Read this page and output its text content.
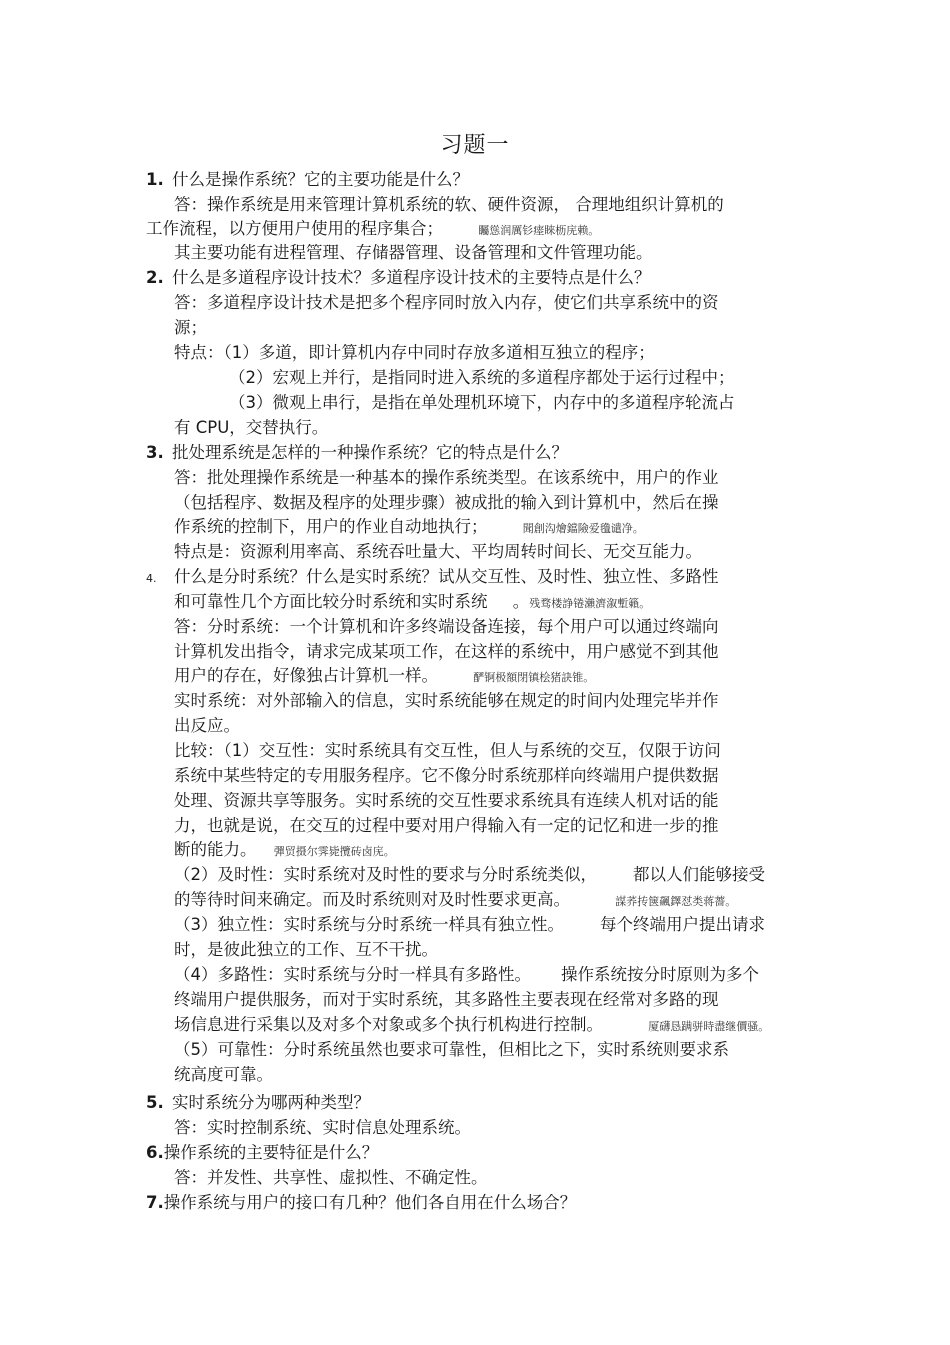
习题一
1. 什么是操作系统？它的主要功能是什么？
答：操作系统是用来管理计算机系统的软、硬件资源， 合理地组织计算机的
工作流程，以方便用户使用的程序集合；	矚慫润厲钐瘗睞枥庑赖。
其主要功能有进程管理、存储器管理、设备管理和文件管理功能。
2. 什么是多道程序设计技术？多道程序设计技术的主要特点是什么？
答：多道程序设计技术是把多个程序同时放入内存，使它们共享系统中的资
源；
特点：（1）多道，即计算机内存中同时存放多道相互独立的程序；
（2）宏观上并行，是指同时进入系统的多道程序都处于运行过程中；
（3）微观上串行，是指在单处理机环境下，内存中的多道程序轮流占
有 CPU，交替执行。
3. 批处理系统是怎样的一种操作系统？它的特点是什么？
答：批处理操作系统是一种基本的操作系统类型。在该系统中，用户的作业
（包括程序、数据及程序的处理步骤）被成批的输入到计算机中，然后在操
作系统的控制下，用户的作业自动地执行；	聞創沟燴鐺險爱氇谴净。
特点是：资源利用率高、系统吞吐量大、平均周转时间长、无交互能力。
4. 什么是分时系统？什么是实时系统？试从交互性、及时性、独立性、多路性
和可靠性几个方面比较分时系统和实时系统 。残骛楼諍锩瀨濟溆塹籟。
答：分时系统：一个计算机和许多终端设备连接，每个用户可以通过终端向
计算机发出指令，请求完成某项工作，在这样的系统中，用户感觉不到其他
用户的存在，好像独占计算机一样。	酽锕极額閉镇桧猪訣锥。
实时系统：对外部输入的信息，实时系统能够在规定的时间内处理完毕并作
出反应。
比较：（1）交互性：实时系统具有交互性，但人与系统的交互，仅限于访问
系统中某些特定的专用服务程序。它不像分时系统那样向终端用户提供数据
处理、资源共享等服务。实时系统的交互性要求系统具有连续人机对话的能
力，也就是说，在交互的过程中要对用户得输入有一定的记忆和进一步的推
断的能力。 彈贸摄尔霁毙攬砖卤庑。
（2）及时性：实时系统对及时性的要求与分时系统类似， 都以人们能够接受
的等待时间来确定。而及时系统则对及时性要求更高。	謀荞抟箧飆鐸怼类蒋薔。
（3）独立性：实时系统与分时系统一样具有独立性。 每个终端用户提出请求
时，是彼此独立的工作、互不干扰。
（4）多路性：实时系统与分时一样具有多路性。 操作系统按分时原则为多个
终端用户提供服务，而对于实时系统，其多路性主要表现在经常对多路的现
场信息进行采集以及对多个对象或多个执行机构进行控制。	厦礴恳蹒骈時盡继價骚。
（5）可靠性：分时系统虽然也要求可靠性，但相比之下，实时系统则要求系
统高度可靠。
5. 实时系统分为哪两种类型？
答：实时控制系统、实时信息处理系统。
6.操作系统的主要特征是什么？
答：并发性、共享性、虚拟性、不确定性。
7.操作系统与用户的接口有几种？他们各自用在什么场合？
